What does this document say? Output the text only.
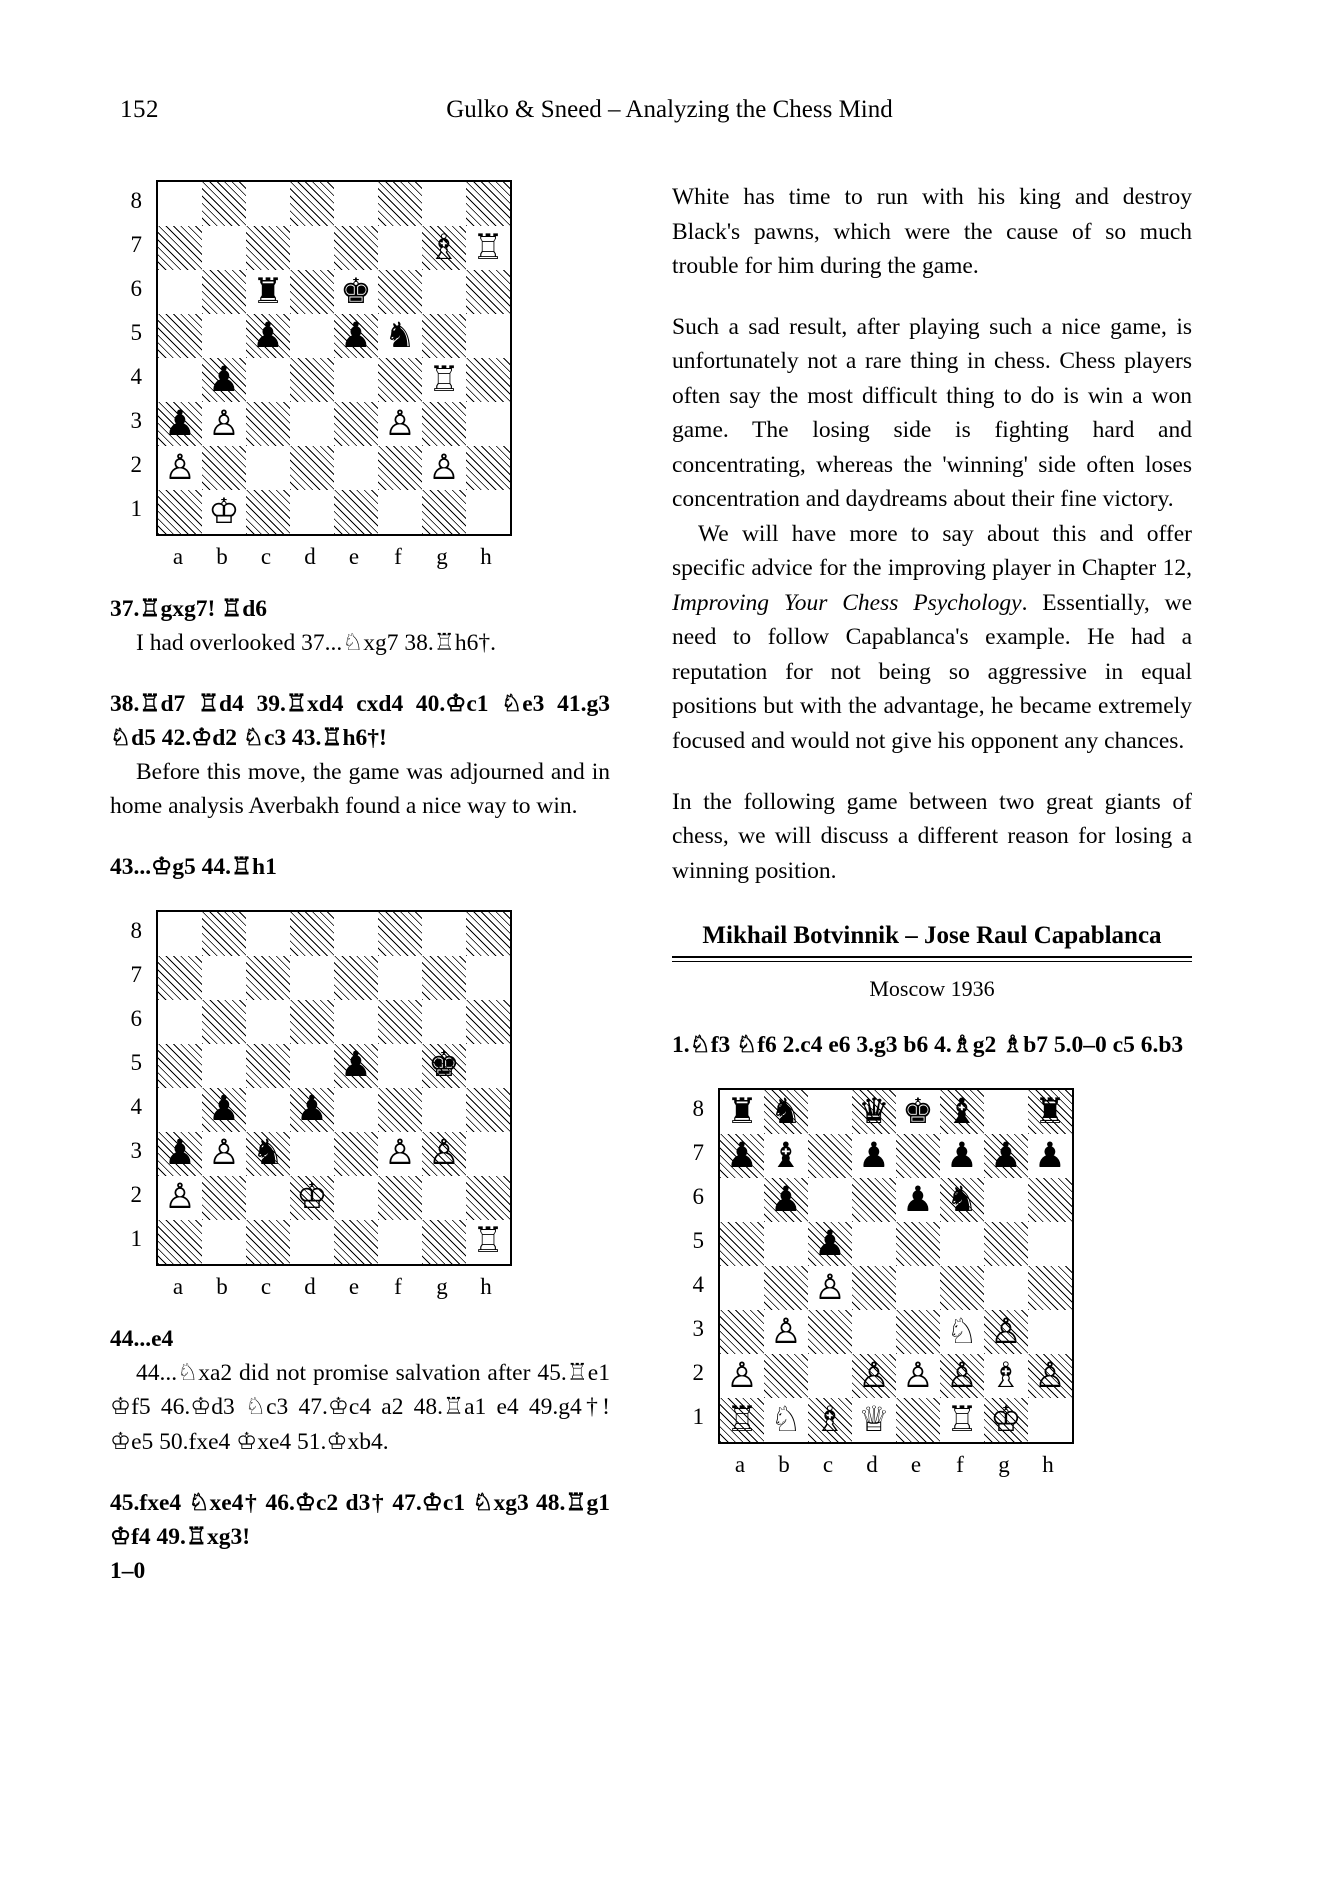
152	Gulko & Sneed – Analyzing the Chess Mind
♗ ♖
♜ ♚
♟ ♟ ♞
♖
♟
♟ ♙	♙
♙	♙
♔
8
7
6
5
4
3
2
1
a	b	c	d	e	f	g	h

37.♖gxg7! ♖d6

I had overlooked 37...♘xg7 38.♖h6†.

38.♖d7 ♖d4 39.♖xd4 cxd4 40.♔c1 ♘e3 41.g3 ♘d5 42.♔d2 ♘c3 43.♖h6†!

Before this move, the game was adjourned and in home analysis Averbakh found a nice way to win.

43...♔g5 44.♖h1

♟ ♚
♟ ♟
♟ ♙ ♞	♙ ♙
♙	♔
♖
8
7
6
5
4
3
2
1
a	b	c	d	e	f	g	h

44...e4

44...♘xa2 did not promise salvation after 45.♖e1 ♔f5 46.♔d3 ♘c3 47.♔c4 a2 48.♖a1 e4 49.g4†! ♔e5 50.fxe4 ♔xe4 51.♔xb4.

45.fxe4 ♘xe4† 46.♔c2 d3† 47.♔c1 ♘xg3 48.♖g1 ♔f4 49.♖xg3!

1–0

White has time to run with his king and destroy Black's pawns, which were the cause of so much trouble for him during the game.

Such a sad result, after playing such a nice game, is unfortunately not a rare thing in chess. Chess players often say the most difficult thing to do is win a won game. The losing side is fighting hard and concentrating, whereas the 'winning' side often loses concentration and daydreams about their fine victory.

We will have more to say about this and offer specific advice for the improving player in Chapter 12, Improving Your Chess Psychology. Essentially, we need to follow Capablanca's example. He had a reputation for not being so aggressive in equal positions but with the advantage, he became extremely focused and would not give his opponent any chances.

In the following game between two great giants of chess, we will discuss a different reason for losing a winning position.

Mikhail Botvinnik – Jose Raul Capablanca

Moscow 1936

1.♘f3 ♘f6 2.c4 e6 3.g3 b6 4.♗g2 ♗b7 5.0–0 c5 6.b3

♜ ♞ ♛ ♚ ♝ ♜
♟ ♝ ♟ ♟ ♟ ♟
♟	♟ ♞
♟
♙
♙	♘ ♙
♙	♙ ♙ ♙ ♗ ♙
♖ ♘ ♗ ♕ ♖ ♔
8
7
6
5
4
3
2
1
a	b	c	d	e	f	g	h
